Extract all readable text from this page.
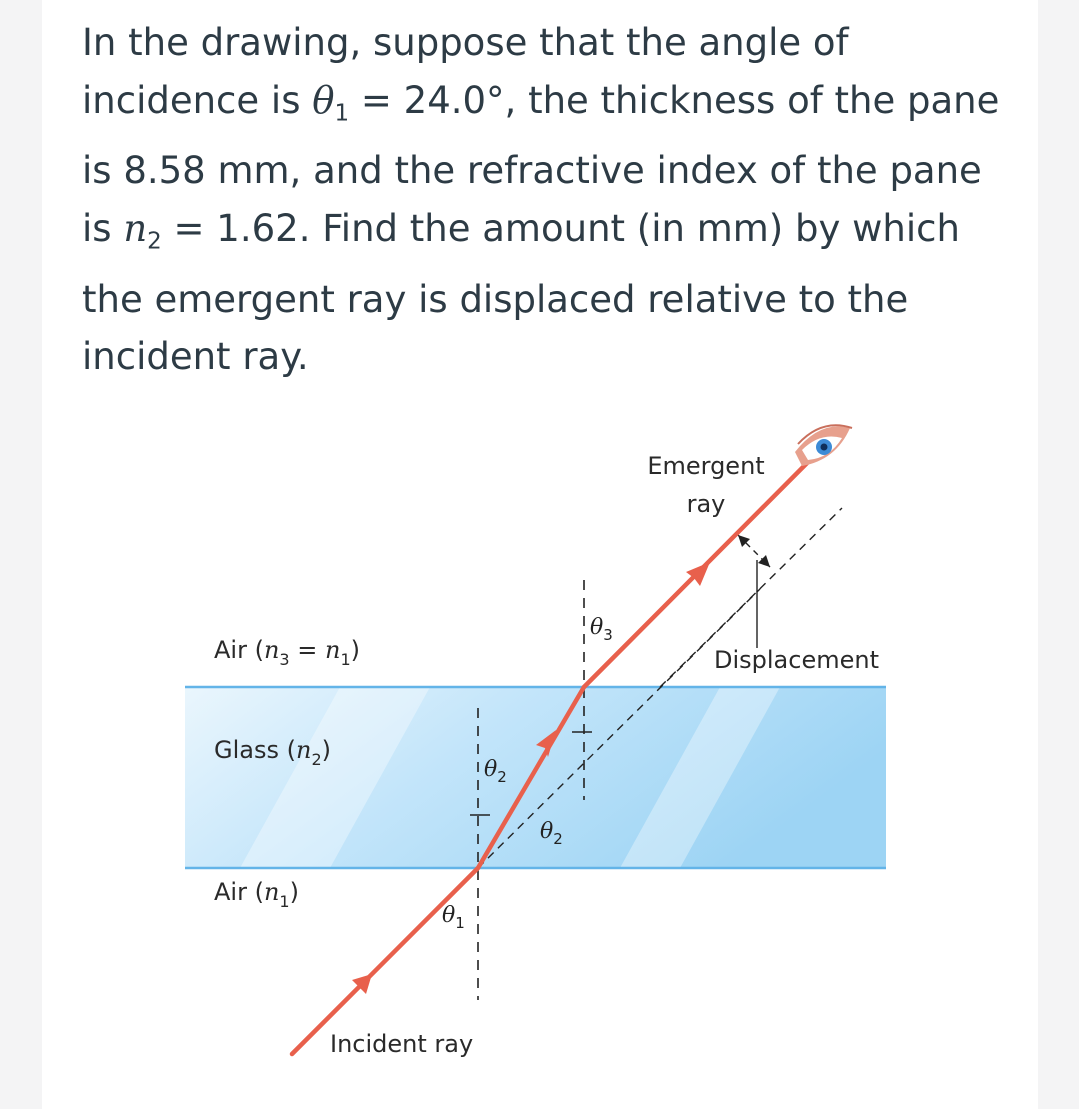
In the drawing, suppose that the angle of incidence is $\theta_1 = 24.0^\circ$, the thickness of the pane is 8.58 mm, and the refractive index of the pane is $n_2 = 1.62$. Find the amount (in mm) by which the emergent ray is displaced relative to the incident ray.

Air $(n_3 = n_1)$
Glass $(n_2)$
Air $(n_1)$
Emergent
ray
Displacement
Incident ray
$\theta_1$
$\theta_2$
$\theta_2$
$\theta_3$
